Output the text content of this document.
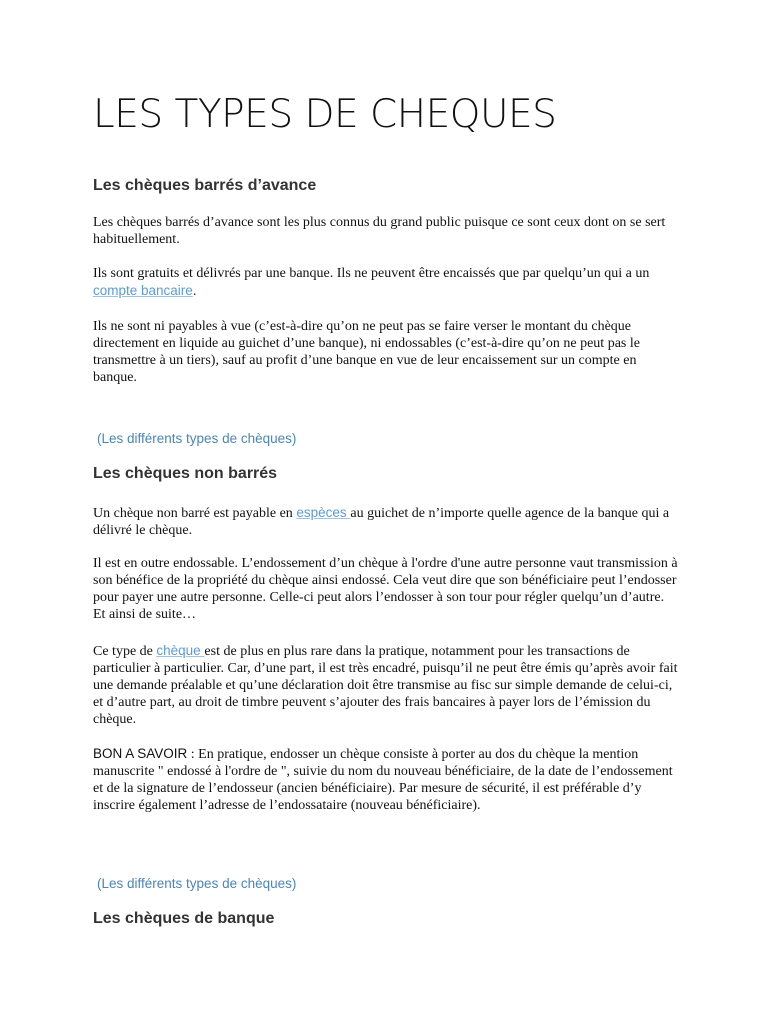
LES TYPES DE CHEQUES
Les chèques barrés d’avance

Les chèques barrés d’avance sont les plus connus du grand public puisque ce sont ceux dont on se sert habituellement.

Ils sont gratuits et délivrés par une banque. Ils ne peuvent être encaissés que par quelqu’un qui a un compte bancaire.

Ils ne sont ni payables à vue (c’est-à-dire qu’on ne peut pas se faire verser le montant du chèque directement en liquide au guichet d’une banque), ni endossables (c’est-à-dire qu’on ne peut pas le transmettre à un tiers), sauf au profit d’une banque en vue de leur encaissement sur un compte en banque.

(Les différents types de chèques)
Les chèques non barrés

Un chèque non barré est payable en espèces au guichet de n’importe quelle agence de la banque qui a délivré le chèque.

Il est en outre endossable. L’endossement d’un chèque à l'ordre d'une autre personne vaut transmission à son bénéfice de la propriété du chèque ainsi endossé. Cela veut dire que son bénéficiaire peut l’endosser pour payer une autre personne. Celle-ci peut alors l’endosser à son tour pour régler quelqu’un d’autre. Et ainsi de suite…

Ce type de chèque est de plus en plus rare dans la pratique, notamment pour les transactions de particulier à particulier. Car, d’une part, il est très encadré, puisqu’il ne peut être émis qu’après avoir fait une demande préalable et qu’une déclaration doit être transmise au fisc sur simple demande de celui-ci, et d’autre part, au droit de timbre peuvent s’ajouter des frais bancaires à payer lors de l’émission du chèque.

BON A SAVOIR : En pratique, endosser un chèque consiste à porter au dos du chèque la mention manuscrite " endossé à l'ordre de ", suivie du nom du nouveau bénéficiaire, de la date de l’endossement et de la signature de l’endosseur (ancien bénéficiaire). Par mesure de sécurité, il est préférable d’y inscrire également l’adresse de l’endossataire (nouveau bénéficiaire).

(Les différents types de chèques)
Les chèques de banque
